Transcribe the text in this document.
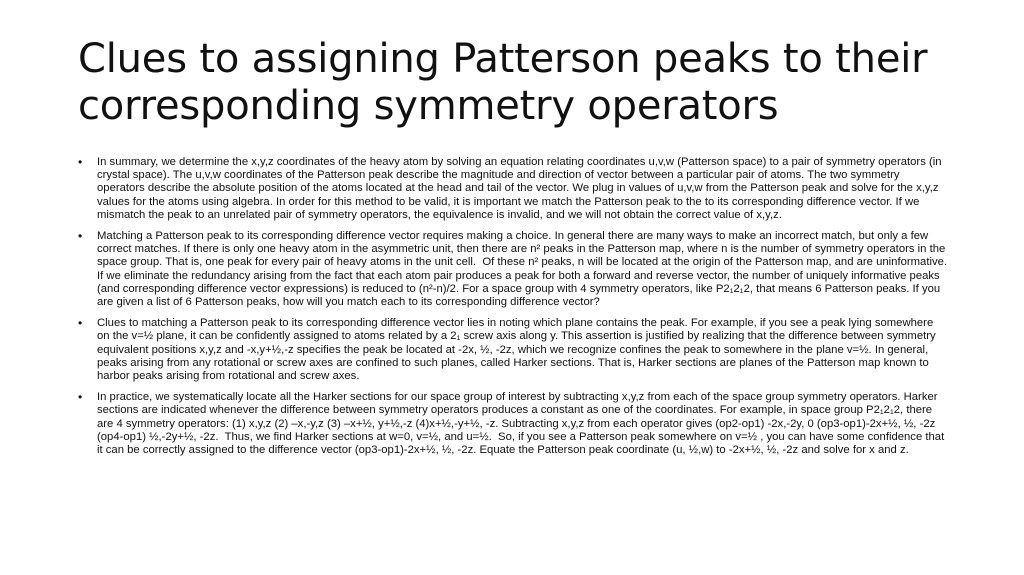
Clues to assigning Patterson peaks to their corresponding symmetry operators
• In summary, we determine the x,y,z coordinates of the heavy atom by solving an equation relating coordinates u,v,w (Patterson space) to a pair of symmetry operators (in crystal space). The u,v,w coordinates of the Patterson peak describe the magnitude and direction of vector between a particular pair of atoms. The two symmetry operators describe the absolute position of the atoms located at the head and tail of the vector. We plug in values of u,v,w from the Patterson peak and solve for the x,y,z values for the atoms using algebra. In order for this method to be valid, it is important we match the Patterson peak to the to its corresponding difference vector. If we mismatch the peak to an unrelated pair of symmetry operators, the equivalence is invalid, and we will not obtain the correct value of x,y,z.
• Matching a Patterson peak to its corresponding difference vector requires making a choice. In general there are many ways to make an incorrect match, but only a few correct matches. If there is only one heavy atom in the asymmetric unit, then there are n² peaks in the Patterson map, where n is the number of symmetry operators in the space group. That is, one peak for every pair of heavy atoms in the unit cell.  Of these n² peaks, n will be located at the origin of the Patterson map, and are uninformative. If we eliminate the redundancy arising from the fact that each atom pair produces a peak for both a forward and reverse vector, the number of uniquely informative peaks (and corresponding difference vector expressions) is reduced to (n²-n)/2. For a space group with 4 symmetry operators, like P2₁2₁2, that means 6 Patterson peaks. If you are given a list of 6 Patterson peaks, how will you match each to its corresponding difference vector?
• Clues to matching a Patterson peak to its corresponding difference vector lies in noting which plane contains the peak. For example, if you see a peak lying somewhere on the v=½ plane, it can be confidently assigned to atoms related by a 2₁ screw axis along y. This assertion is justified by realizing that the difference between symmetry equivalent positions x,y,z and -x,y+½,-z specifies the peak be located at -2x, ½, -2z, which we recognize confines the peak to somewhere in the plane v=½. In general, peaks arising from any rotational or screw axes are confined to such planes, called Harker sections. That is, Harker sections are planes of the Patterson map known to harbor peaks arising from rotational and screw axes.
• In practice, we systematically locate all the Harker sections for our space group of interest by subtracting x,y,z from each of the space group symmetry operators. Harker sections are indicated whenever the difference between symmetry operators produces a constant as one of the coordinates. For example, in space group P2₁2₁2, there are 4 symmetry operators: (1) x,y,z (2) –x,-y,z (3) –x+½, y+½,-z (4)x+½,-y+½, -z. Subtracting x,y,z from each operator gives (op2-op1) -2x,-2y, 0 (op3-op1)-2x+½, ½, -2z (op4-op1) ½,-2y+½, -2z.  Thus, we find Harker sections at w=0, v=½, and u=½.  So, if you see a Patterson peak somewhere on v=½ , you can have some confidence that it can be correctly assigned to the difference vector (op3-op1)-2x+½, ½, -2z. Equate the Patterson peak coordinate (u, ½,w) to -2x+½, ½, -2z and solve for x and z.
